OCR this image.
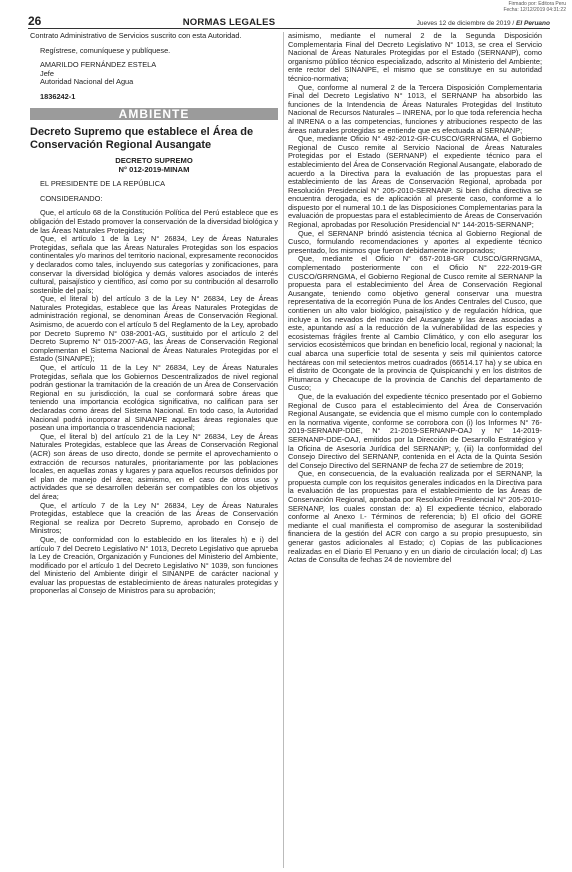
Firmado por: Editora Peru
Fecha: 12/12/2019 04:31:22
26	NORMAS LEGALES	Jueves 12 de diciembre de 2019 / El Peruano

Contrato Administrativo de Servicios suscrito con esta Autoridad.

Regístrese, comuníquese y publíquese.

AMARILDO FERNÁNDEZ ESTELA

Jefe

Autoridad Nacional del Agua

1836242-1

AMBIENTE
Decreto Supremo que establece el Área de Conservación Regional Ausangate
DECRETO SUPREMO
N° 012-2019-MINAM

EL PRESIDENTE DE LA REPÚBLICA

CONSIDERANDO:

Que, el artículo 68 de la Constitución Política del Perú establece que es obligación del Estado promover la conservación de la diversidad biológica y de las Áreas Naturales Protegidas;

Que, el artículo 1 de la Ley N° 26834, Ley de Áreas Naturales Protegidas, señala que las Áreas Naturales Protegidas son los espacios continentales y/o marinos del territorio nacional, expresamente reconocidos y declarados como tales, incluyendo sus categorías y zonificaciones, para conservar la diversidad biológica y demás valores asociados de interés cultural, paisajístico y científico, así como por su contribución al desarrollo sostenible del país;

Que, el literal b) del artículo 3 de la Ley N° 26834, Ley de Áreas Naturales Protegidas, establece que las Áreas Naturales Protegidas de administración regional, se denominan Áreas de Conservación Regional. Asimismo, de acuerdo con el artículo 5 del Reglamento de la Ley, aprobado por Decreto Supremo N° 038-2001-AG, sustituido por el artículo 2 del Decreto Supremo N° 015-2007-AG, las Áreas de Conservación Regional complementan el Sistema Nacional de Áreas Naturales Protegidas por el Estado (SINANPE);

Que, el artículo 11 de la Ley N° 26834, Ley de Áreas Naturales Protegidas, señala que los Gobiernos Descentralizados de nivel regional podrán gestionar la tramitación de la creación de un Área de Conservación Regional en su jurisdicción, la cual se conformará sobre áreas que teniendo una importancia ecológica significativa, no califican para ser declaradas como áreas del Sistema Nacional. En todo caso, la Autoridad Nacional podrá incorporar al SINANPE aquellas áreas regionales que posean una importancia o trascendencia nacional;

Que, el literal b) del artículo 21 de la Ley N° 26834, Ley de Áreas Naturales Protegidas, establece que las Áreas de Conservación Regional (ACR) son áreas de uso directo, donde se permite el aprovechamiento o extracción de recursos naturales, prioritariamente por las poblaciones locales, en aquellas zonas y lugares y para aquellos recursos definidos por el plan de manejo del área; asimismo, en el caso de otros usos y actividades que se desarrollen deberán ser compatibles con los objetivos del área;

Que, el artículo 7 de la Ley N° 26834, Ley de Áreas Naturales Protegidas, establece que la creación de las Áreas de Conservación Regional se realiza por Decreto Supremo, aprobado en Consejo de Ministros;

Que, de conformidad con lo establecido en los literales h) e i) del artículo 7 del Decreto Legislativo N° 1013, Decreto Legislativo que aprueba la Ley de Creación, Organización y Funciones del Ministerio del Ambiente, modificado por el artículo 1 del Decreto Legislativo N° 1039, son funciones del Ministerio del Ambiente dirigir el SINANPE de carácter nacional y evaluar las propuestas de establecimiento de áreas naturales protegidas y proponerlas al Consejo de Ministros para su aprobación;

asimismo, mediante el numeral 2 de la Segunda Disposición Complementaria Final del Decreto Legislativo N° 1013, se crea el Servicio Nacional de Áreas Naturales Protegidas por el Estado (SERNANP), como organismo público técnico especializado, adscrito al Ministerio del Ambiente; ente rector del SINANPE, el mismo que se constituye en su autoridad técnico-normativa;

Que, conforme al numeral 2 de la Tercera Disposición Complementaria Final del Decreto Legislativo N° 1013, el SERNANP ha absorbido las funciones de la Intendencia de Áreas Naturales Protegidas del Instituto Nacional de Recursos Naturales – INRENA, por lo que toda referencia hecha al INRENA o a las competencias, funciones y atribuciones respecto de las áreas naturales protegidas se entiende que es efectuada al SERNANP;

Que, mediante Oficio N° 492-2012-GR-CUSCO/GRRNGMA, el Gobierno Regional de Cusco remite al Servicio Nacional de Áreas Naturales Protegidas por el Estado (SERNANP) el expediente técnico para el establecimiento del Área de Conservación Regional Ausangate, elaborado de acuerdo a la Directiva para la evaluación de las propuestas para el establecimiento de las Áreas de Conservación Regional, aprobada por Resolución Presidencial N° 205-2010-SERNANP. Si bien dicha directiva se encuentra derogada, es de aplicación al presente caso, conforme a lo dispuesto por el numeral 10.1 de las Disposiciones Complementarias para la evaluación de propuestas para el establecimiento de Áreas de Conservación Regional, aprobadas por Resolución Presidencial N° 144-2015-SERNANP;

Que, el SERNANP brindó asistencia técnica al Gobierno Regional de Cusco, formulando recomendaciones y aportes al expediente técnico presentado, los mismos que fueron debidamente incorporados;

Que, mediante el Oficio N° 657-2018-GR CUSCO/GRRNGMA, complementado posteriormente con el Oficio N° 222-2019-GR CUSCO/GRRNGMA, el Gobierno Regional de Cusco remite al SERNANP la propuesta para el establecimiento del Área de Conservación Regional Ausangate, teniendo como objetivo general conservar una muestra representativa de la ecorregión Puna de los Andes Centrales del Cusco, que contienen un alto valor biológico, paisajístico y de regulación hídrica, que incluye a los nevados del macizo del Ausangate y las áreas asociadas a este, apuntando así a la reducción de la vulnerabilidad de las especies y ecosistemas frágiles frente al Cambio Climático, y con ello asegurar los servicios ecosistémicos que brindan en beneficio local, regional y nacional; la cual abarca una superficie total de sesenta y seis mil quinientos catorce hectáreas con mil setecientos metros cuadrados (66514.17 ha) y se ubica en el distrito de Ocongate de la provincia de Quispicanchi y en los distritos de Pitumarca y Checacupe de la provincia de Canchis del departamento de Cusco;

Que, de la evaluación del expediente técnico presentado por el Gobierno Regional de Cusco para el establecimiento del Área de Conservación Regional Ausangate, se evidencia que el mismo cumple con lo contemplado en la normativa vigente, conforme se corrobora con (i) los Informes N° 76-2019-SERNANP-DDE, N° 21-2019-SERNANP-OAJ y N° 14-2019-SERNANP-DDE-OAJ, emitidos por la Dirección de Desarrollo Estratégico y la Oficina de Asesoría Jurídica del SERNANP; y, (iii) la conformidad del Consejo Directivo del SERNANP, contenida en el Acta de la Quinta Sesión del Consejo Directivo del SERNANP de fecha 27 de setiembre de 2019;

Que, en consecuencia, de la evaluación realizada por el SERNANP, la propuesta cumple con los requisitos generales indicados en la Directiva para la evaluación de las propuestas para el establecimiento de las Áreas de Conservación Regional, aprobada por Resolución Presidencial N° 205-2010-SERNANP, los cuales constan de: a) El expediente técnico, elaborado conforme al Anexo I.- Términos de referencia; b) El oficio del GORE mediante el cual manifiesta el compromiso de asegurar la sostenibilidad financiera de la gestión del ACR con cargo a su propio presupuesto, sin generar gastos adicionales al Estado; c) Copias de las publicaciones realizadas en el Diario El Peruano y en un diario de circulación local; d) Las Actas de Consulta de fechas 24 de noviembre del
